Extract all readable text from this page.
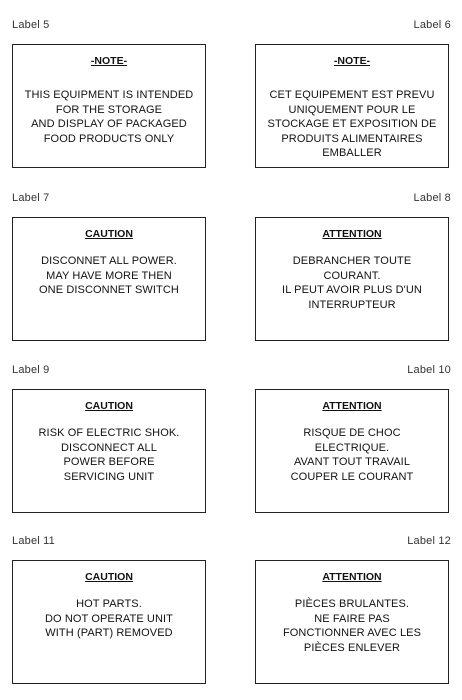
Label 5
-NOTE-
THIS EQUIPMENT IS INTENDED
FOR THE STORAGE
AND DISPLAY OF PACKAGED
FOOD PRODUCTS ONLY
Label 6
-NOTE-
CET EQUIPEMENT EST PREVU
UNIQUEMENT POUR LE
STOCKAGE ET EXPOSITION DE
PRODUITS ALIMENTAIRES
EMBALLER
Label 7
CAUTION
DISCONNET ALL POWER.
MAY HAVE MORE THEN
ONE DISCONNET SWITCH
Label 8
ATTENTION
DEBRANCHER TOUTE
COURANT.
IL PEUT AVOIR PLUS D'UN
INTERRUPTEUR
Label 9
CAUTION
RISK OF ELECTRIC SHOK.
DISCONNECT ALL
POWER BEFORE
SERVICING UNIT
Label 10
ATTENTION
RISQUE DE CHOC
ELECTRIQUE.
AVANT TOUT TRAVAIL
COUPER LE COURANT
Label 11
CAUTION
HOT PARTS.
DO NOT OPERATE UNIT
WITH (PART) REMOVED
Label 12
ATTENTION
PIÈCES BRULANTES.
NE FAIRE PAS
FONCTIONNER AVEC LES
PIÈCES ENLEVER
